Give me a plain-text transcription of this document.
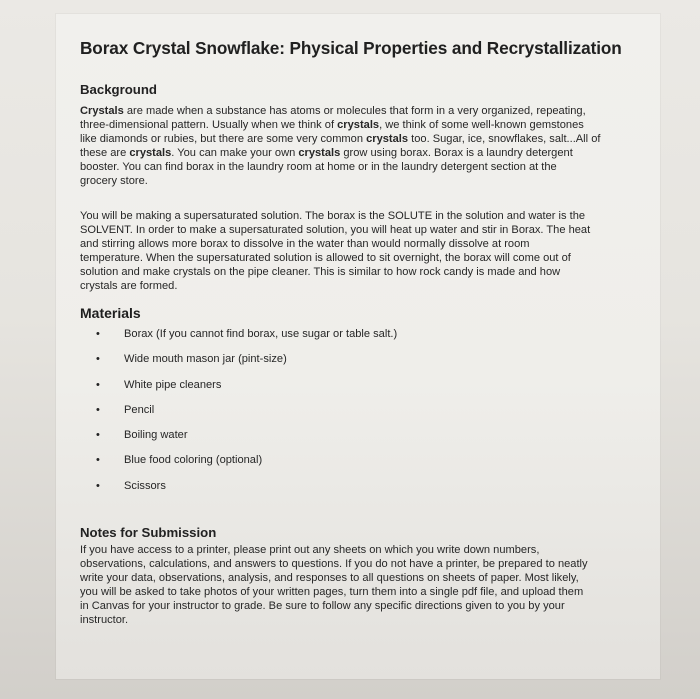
Borax Crystal Snowflake: Physical Properties and Recrystallization
Background
Crystals are made when a substance has atoms or molecules that form in a very organized, repeating,
three-dimensional pattern. Usually when we think of crystals, we think of some well-known gemstones
like diamonds or rubies, but there are some very common crystals too. Sugar, ice, snowflakes, salt...All of
these are crystals. You can make your own crystals grow using borax. Borax is a laundry detergent
booster. You can find borax in the laundry room at home or in the laundry detergent section at the
grocery store.
You will be making a supersaturated solution. The borax is the SOLUTE in the solution and water is the
SOLVENT. In order to make a supersaturated solution, you will heat up water and stir in Borax. The heat
and stirring allows more borax to dissolve in the water than would normally dissolve at room
temperature. When the supersaturated solution is allowed to sit overnight, the borax will come out of
solution and make crystals on the pipe cleaner. This is similar to how rock candy is made and how
crystals are formed.
Materials
• Borax (If you cannot find borax, use sugar or table salt.)
• Wide mouth mason jar (pint-size)
• White pipe cleaners
• Pencil
• Boiling water
• Blue food coloring (optional)
• Scissors
Notes for Submission
If you have access to a printer, please print out any sheets on which you write down numbers,
observations, calculations, and answers to questions. If you do not have a printer, be prepared to neatly
write your data, observations, analysis, and responses to all questions on sheets of paper. Most likely,
you will be asked to take photos of your written pages, turn them into a single pdf file, and upload them
in Canvas for your instructor to grade. Be sure to follow any specific directions given to you by your
instructor.
